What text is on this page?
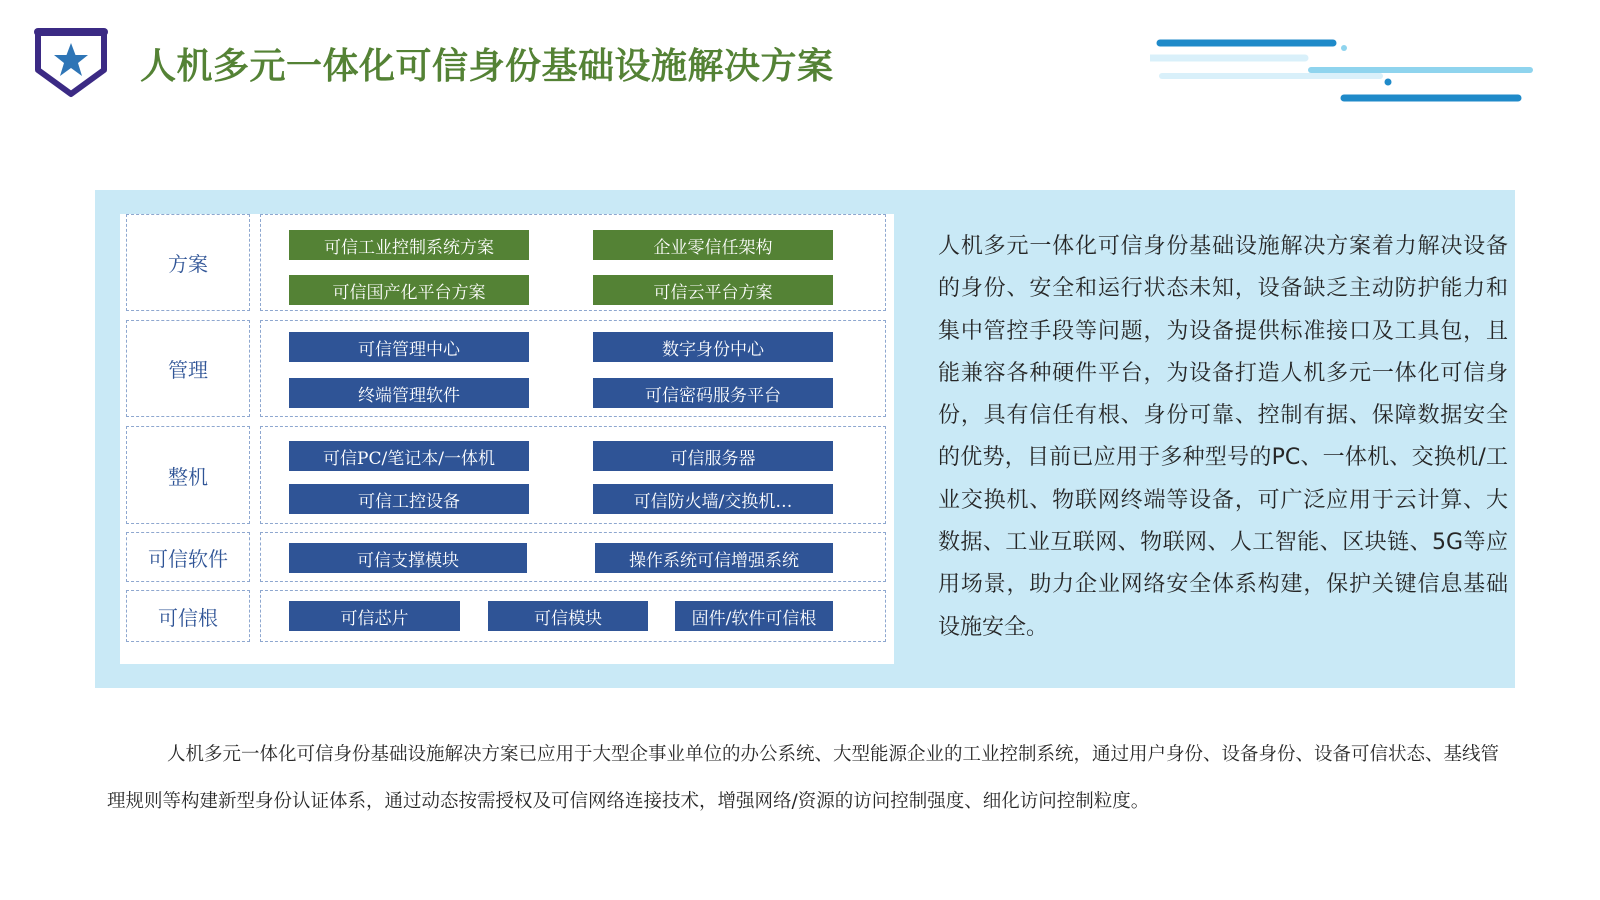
人机多元一体化可信身份基础设施解决方案
方案
可信工业控制系统方案	企业零信任架构
可信国产化平台方案	可信云平台方案
管理
可信管理中心	数字身份中心
终端管理软件	可信密码服务平台
整机
可信PC/笔记本/一体机	可信服务器
可信工控设备	可信防火墙/交换机…
可信软件	可信支撑模块	操作系统可信增强系统
可信根	可信芯片	可信模块	固件/软件可信根
人机多元一体化可信身份基础设施解决方案着力解决设备的身份、安全和运行状态未知，设备缺乏主动防护能力和集中管控手段等问题，为设备提供标准接口及工具包，且能兼容各种硬件平台，为设备打造人机多元一体化可信身份，具有信任有根、身份可靠、控制有据、保障数据安全的优势，目前已应用于多种型号的PC、一体机、交换机/工业交换机、物联网终端等设备，可广泛应用于云计算、大数据、工业互联网、物联网、人工智能、区块链、5G等应用场景，助力企业网络安全体系构建，保护关键信息基础设施安全。
人机多元一体化可信身份基础设施解决方案已应用于大型企事业单位的办公系统、大型能源企业的工业控制系统，通过用户身份、设备身份、设备可信状态、基线管理规则等构建新型身份认证体系，通过动态按需授权及可信网络连接技术，增强网络/资源的访问控制强度、细化访问控制粒度。
